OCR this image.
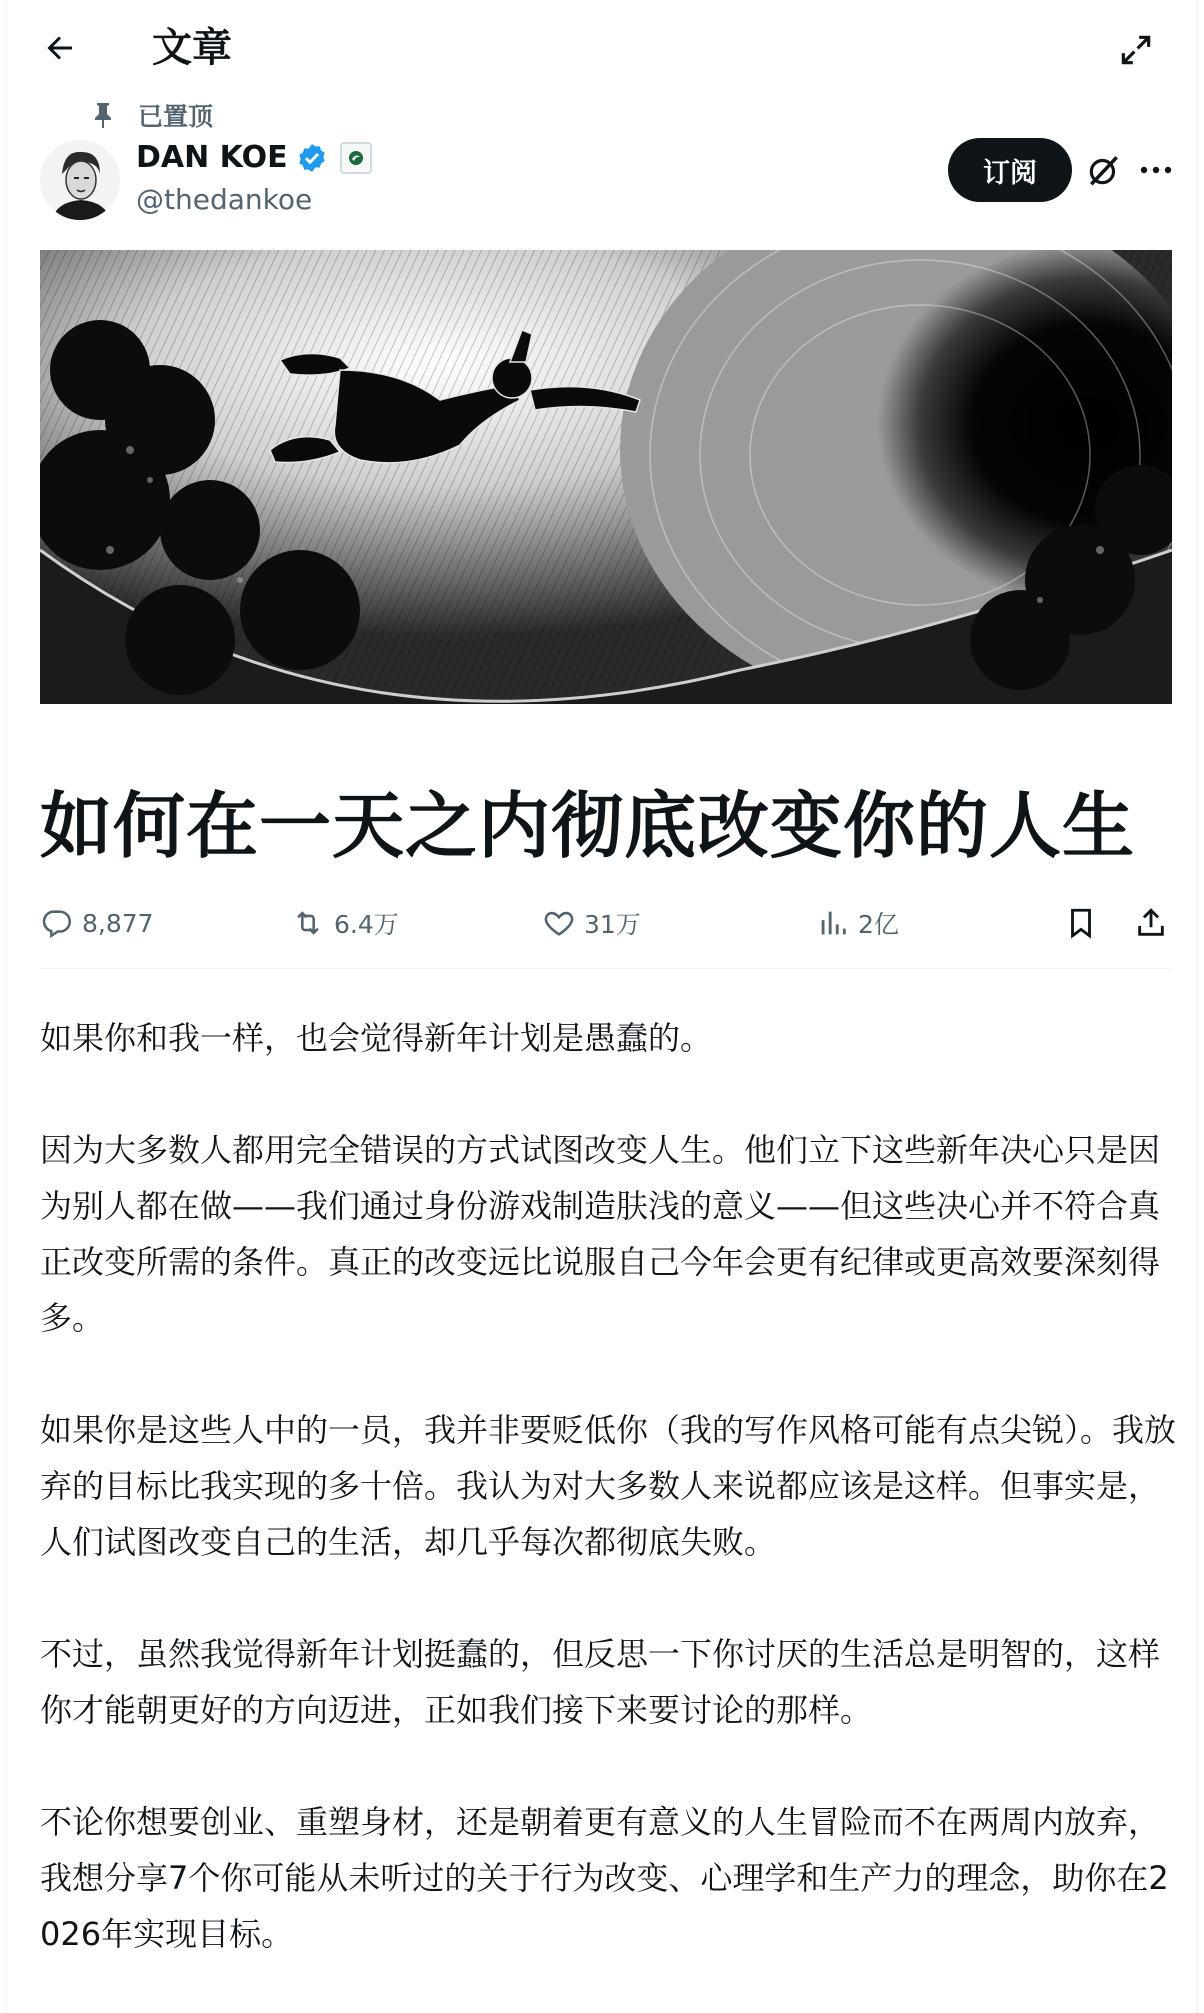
文章
已置顶
DAN KOE
@thedankoe
订阅
如何在一天之内彻底改变你的人生
8,877	6.4万	31万	2亿

如果你和我一样，也会觉得新年计划是愚蠢的。

因为大多数人都用完全错误的方式试图改变人生。他们立下这些新年决心只是因为别人都在做——我们通过身份游戏制造肤浅的意义——但这些决心并不符合真正改变所需的条件。真正的改变远比说服自己今年会更有纪律或更高效要深刻得多。

如果你是这些人中的一员，我并非要贬低你（我的写作风格可能有点尖锐）。我放弃的目标比我实现的多十倍。我认为对大多数人来说都应该是这样。但事实是，人们试图改变自己的生活，却几乎每次都彻底失败。

不过，虽然我觉得新年计划挺蠢的，但反思一下你讨厌的生活总是明智的，这样你才能朝更好的方向迈进，正如我们接下来要讨论的那样。

不论你想要创业、重塑身材，还是朝着更有意义的人生冒险而不在两周内放弃，我想分享7个你可能从未听过的关于行为改变、心理学和生产力的理念，助你在2026年实现目标。
